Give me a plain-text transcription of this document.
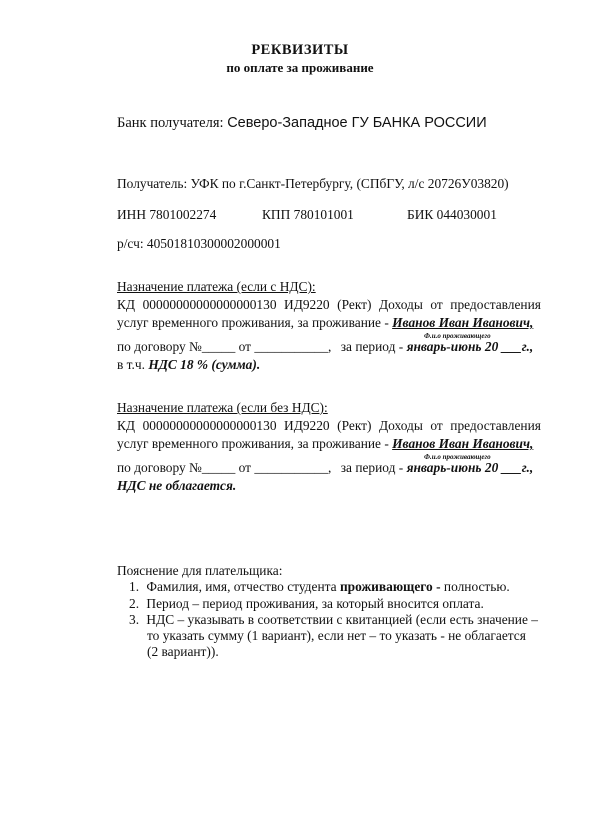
РЕКВИЗИТЫ
по оплате за проживание
Банк получателя: Северо-Западное ГУ БАНКА РОССИИ
Получатель: УФК по г.Санкт-Петербургу, (СПбГУ, л/с 20726У03820)
ИНН 7801002274	КПП 780101001	БИК 044030001
р/сч: 40501810300002000001
Назначение платежа (если с НДС):
КД 00000000000000000130 ИД9220 (Рект) Доходы от предоставления
услуг временного проживания, за проживание - Иванов Иван Иванович,
Ф.и.о проживающего
по договору №_____ от ___________, за период - январь-июнь 20 ___г.,
в т.ч. НДС 18 % (сумма).
Назначение платежа (если без НДС):
КД 00000000000000000130 ИД9220 (Рект) Доходы от предоставления
услуг временного проживания, за проживание - Иванов Иван Иванович,
Ф.и.о проживающего
по договору №_____ от ___________, за период - январь-июнь 20 ___г.,
НДС не облагается.
Пояснение для плательщика:
1. Фамилия, имя, отчество студента проживающего - полностью.
2. Период – период проживания, за который вносится оплата.
3. НДС – указывать в соответствии с квитанцией (если есть значение –
то указать сумму (1 вариант), если нет – то указать - не облагается
(2 вариант)).
